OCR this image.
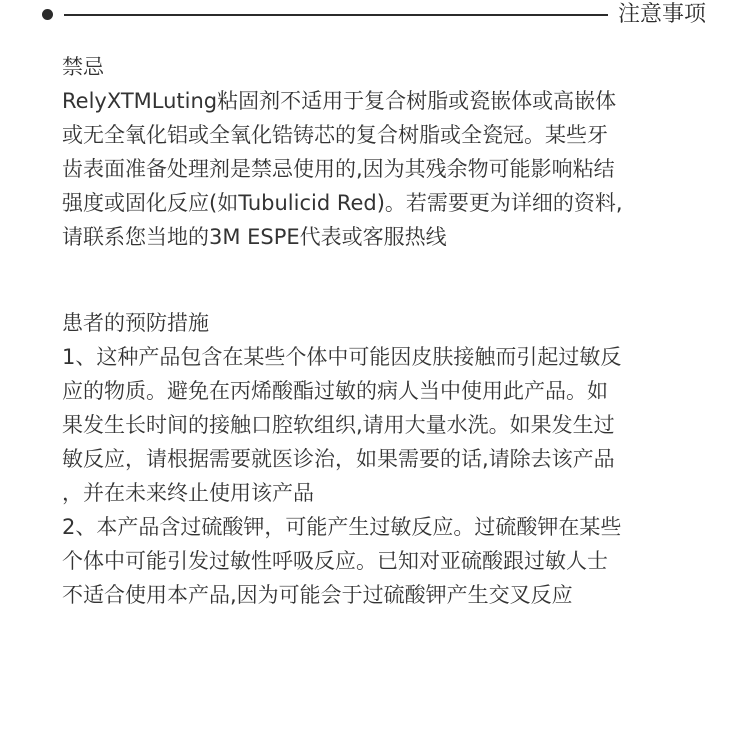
注意事项
禁忌
RelyXTMLuting粘固剂不适用于复合树脂或瓷嵌体或高嵌体
或无全氧化铝或全氧化锆铸芯的复合树脂或全瓷冠。某些牙
齿表面准备处理剂是禁忌使用的,因为其残余物可能影响粘结
强度或固化反应(如Tubulicid Red)。若需要更为详细的资料,
请联系您当地的3M ESPE代表或客服热线
患者的预防措施
1、这种产品包含在某些个体中可能因皮肤接触而引起过敏反
应的物质。避免在丙烯酸酯过敏的病人当中使用此产品。如
果发生长时间的接触口腔软组织,请用大量水洗。如果发生过
敏反应，请根据需要就医诊治，如果需要的话,请除去该产品
，并在未来终止使用该产品
2、本产品含过硫酸钾，可能产生过敏反应。过硫酸钾在某些
个体中可能引发过敏性呼吸反应。已知对亚硫酸跟过敏人士
不适合使用本产品,因为可能会于过硫酸钾产生交叉反应
